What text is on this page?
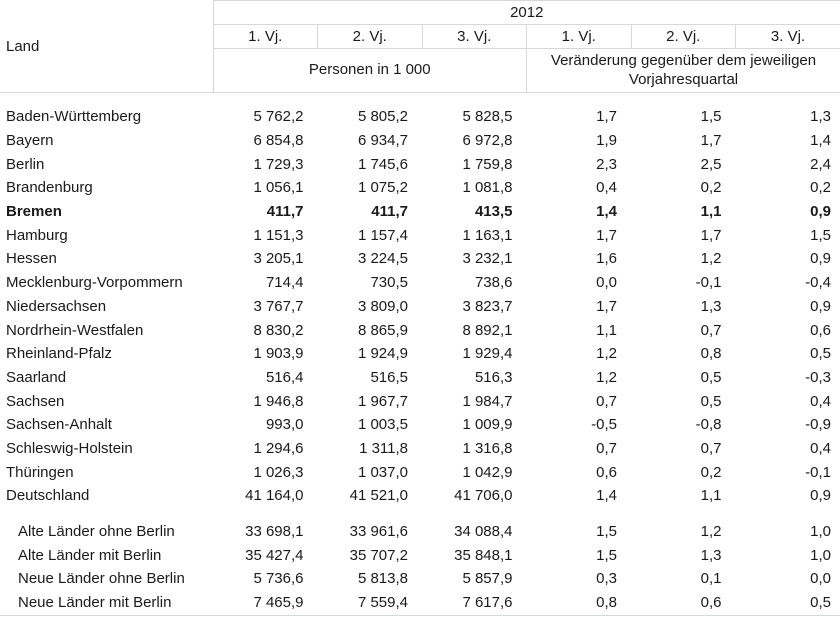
Land	2012					
	1. Vj.	2. Vj.	3. Vj.	1. Vj.	2. Vj.	3. Vj.
	Personen in 1 000			Veränderung gegenüber dem jeweiligen Vorjahresquartal		

Baden-Württemberg	5 762,2	5 805,2	5 828,5	1,7	1,5	1,3
Bayern	6 854,8	6 934,7	6 972,8	1,9	1,7	1,4
Berlin	1 729,3	1 745,6	1 759,8	2,3	2,5	2,4
Brandenburg	1 056,1	1 075,2	1 081,8	0,4	0,2	0,2
Bremen	411,7	411,7	413,5	1,4	1,1	0,9
Hamburg	1 151,3	1 157,4	1 163,1	1,7	1,7	1,5
Hessen	3 205,1	3 224,5	3 232,1	1,6	1,2	0,9
Mecklenburg-Vorpommern	714,4	730,5	738,6	0,0	-0,1	-0,4
Niedersachsen	3 767,7	3 809,0	3 823,7	1,7	1,3	0,9
Nordrhein-Westfalen	8 830,2	8 865,9	8 892,1	1,1	0,7	0,6
Rheinland-Pfalz	1 903,9	1 924,9	1 929,4	1,2	0,8	0,5
Saarland	516,4	516,5	516,3	1,2	0,5	-0,3
Sachsen	1 946,8	1 967,7	1 984,7	0,7	0,5	0,4
Sachsen-Anhalt	993,0	1 003,5	1 009,9	-0,5	-0,8	-0,9
Schleswig-Holstein	1 294,6	1 311,8	1 316,8	0,7	0,7	0,4
Thüringen	1 026,3	1 037,0	1 042,9	0,6	0,2	-0,1
Deutschland	41 164,0	41 521,0	41 706,0	1,4	1,1	0,9

Alte Länder ohne Berlin	33 698,1	33 961,6	34 088,4	1,5	1,2	1,0
Alte Länder mit Berlin	35 427,4	35 707,2	35 848,1	1,5	1,3	1,0
Neue Länder ohne Berlin	5 736,6	5 813,8	5 857,9	0,3	0,1	0,0
Neue Länder mit Berlin	7 465,9	7 559,4	7 617,6	0,8	0,6	0,5
